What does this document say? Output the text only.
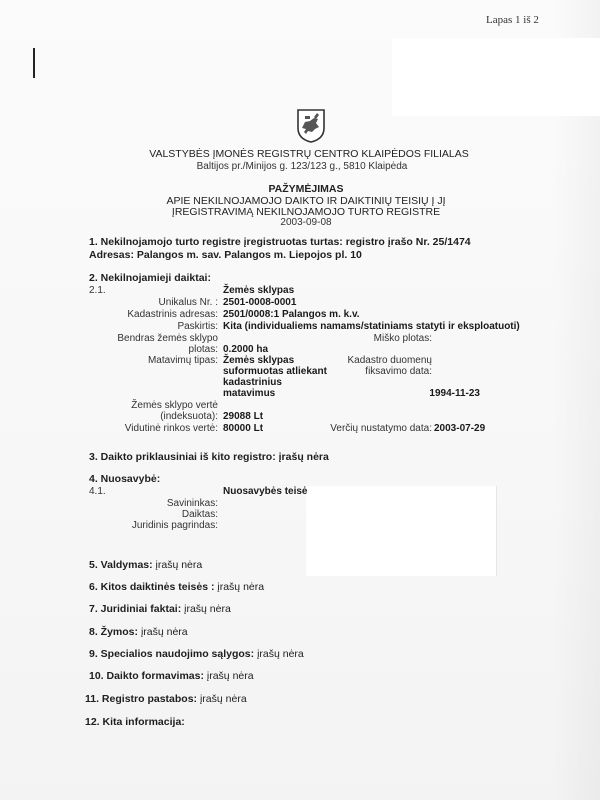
Lapas 1 iš 2
VALSTYBĖS ĮMONĖS REGISTRŲ CENTRO KLAIPĖDOS FILIALAS
Baltijos pr./Minijos g. 123/123 g., 5810 Klaipėda
PAŽYMĖJIMAS
APIE NEKILNOJAMOJO DAIKTO IR DAIKTINIŲ TEISIŲ Į JĮ
ĮREGISTRAVIMĄ NEKILNOJAMOJO TURTO REGISTRE
2003-09-08
1. Nekilnojamojo turto registre įregistruotas turtas: registro įrašo Nr. 25/1474
Adresas: Palangos m. sav. Palangos m. Liepojos pl. 10
2. Nekilnojamieji daiktai:
2.1.	Žemės sklypas
Unikalus Nr. : 2501-0008-0001
Kadastrinis adresas: 2501/0008:1 Palangos m. k.v.
Paskirtis: Kita (individualiems namams/statiniams statyti ir eksploatuoti)
Bendras žemės sklypo
plotas: 0.2000 ha
Miško plotas:
Matavimų tipas: Žemės sklypas
suformuotas atliekant
kadastrinius
matavimus
Kadastro duomenų
fiksavimo data:
1994-11-23
Žemės sklypo vertė
(indeksuota): 29088 Lt
Vidutinė rinkos vertė: 80000 Lt	Verčių nustatymo data: 2003-07-29
3. Daikto priklausiniai iš kito registro: įrašų nėra
4. Nuosavybė:
4.1.	Nuosavybės teisė
Savininkas:
Daiktas:
Juridinis pagrindas:
5. Valdymas: įrašų nėra
6. Kitos daiktinės teisės : įrašų nėra
7. Juridiniai faktai: įrašų nėra
8. Žymos: įrašų nėra
9. Specialios naudojimo sąlygos: įrašų nėra
10. Daikto formavimas: įrašų nėra
11. Registro pastabos: įrašų nėra
12. Kita informacija:
